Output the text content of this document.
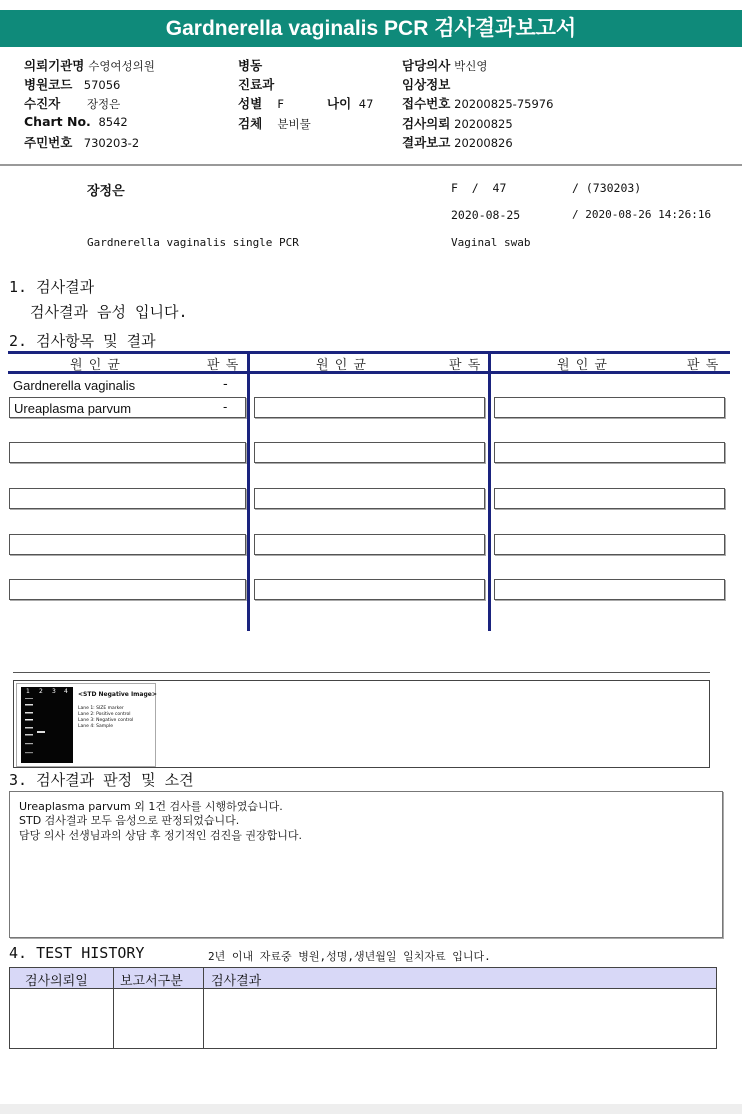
Gardnerella vaginalis PCR 검사결과보고서
의뢰기관명 수영여성의원
병원코드 57056
수진자 장정은
Chart No. 8542
주민번호 730203-2
병동
진료과
성별 F	나이 47
검체 분비물
담당의사 박신영
임상정보
접수번호 20200825-75976
검사의뢰 20200825
결과보고 20200826
장정은	F  /  47	/ (730203)
2020-08-25	/ 2020-08-26 14:26:16
Gardnerella vaginalis single PCR	Vaginal swab
1. 검사결과
검사결과 음성 입니다.
2. 검사항목 및 결과
원 인 균	판 독	원 인 균	판 독	원 인 균	판 독
Gardnerella vaginalis	-
Ureaplasma parvum	-
1 2 3 4 <STD Negative Image>
Lane 1: SIZE marker
Lane 2: Positive control
Lane 3: Negative control
Lane 4: Sample
3. 검사결과 판정 및 소견
Ureaplasma parvum 외 1건 검사를 시행하였습니다.
STD 검사결과 모두 음성으로 판정되었습니다.
담당 의사 선생님과의 상담 후 정기적인 검진을 권장합니다.
4. TEST HISTORY	2년 이내 자료중 병원,성명,생년월일 일치자료 입니다.
검사의뢰일 보고서구분 검사결과
